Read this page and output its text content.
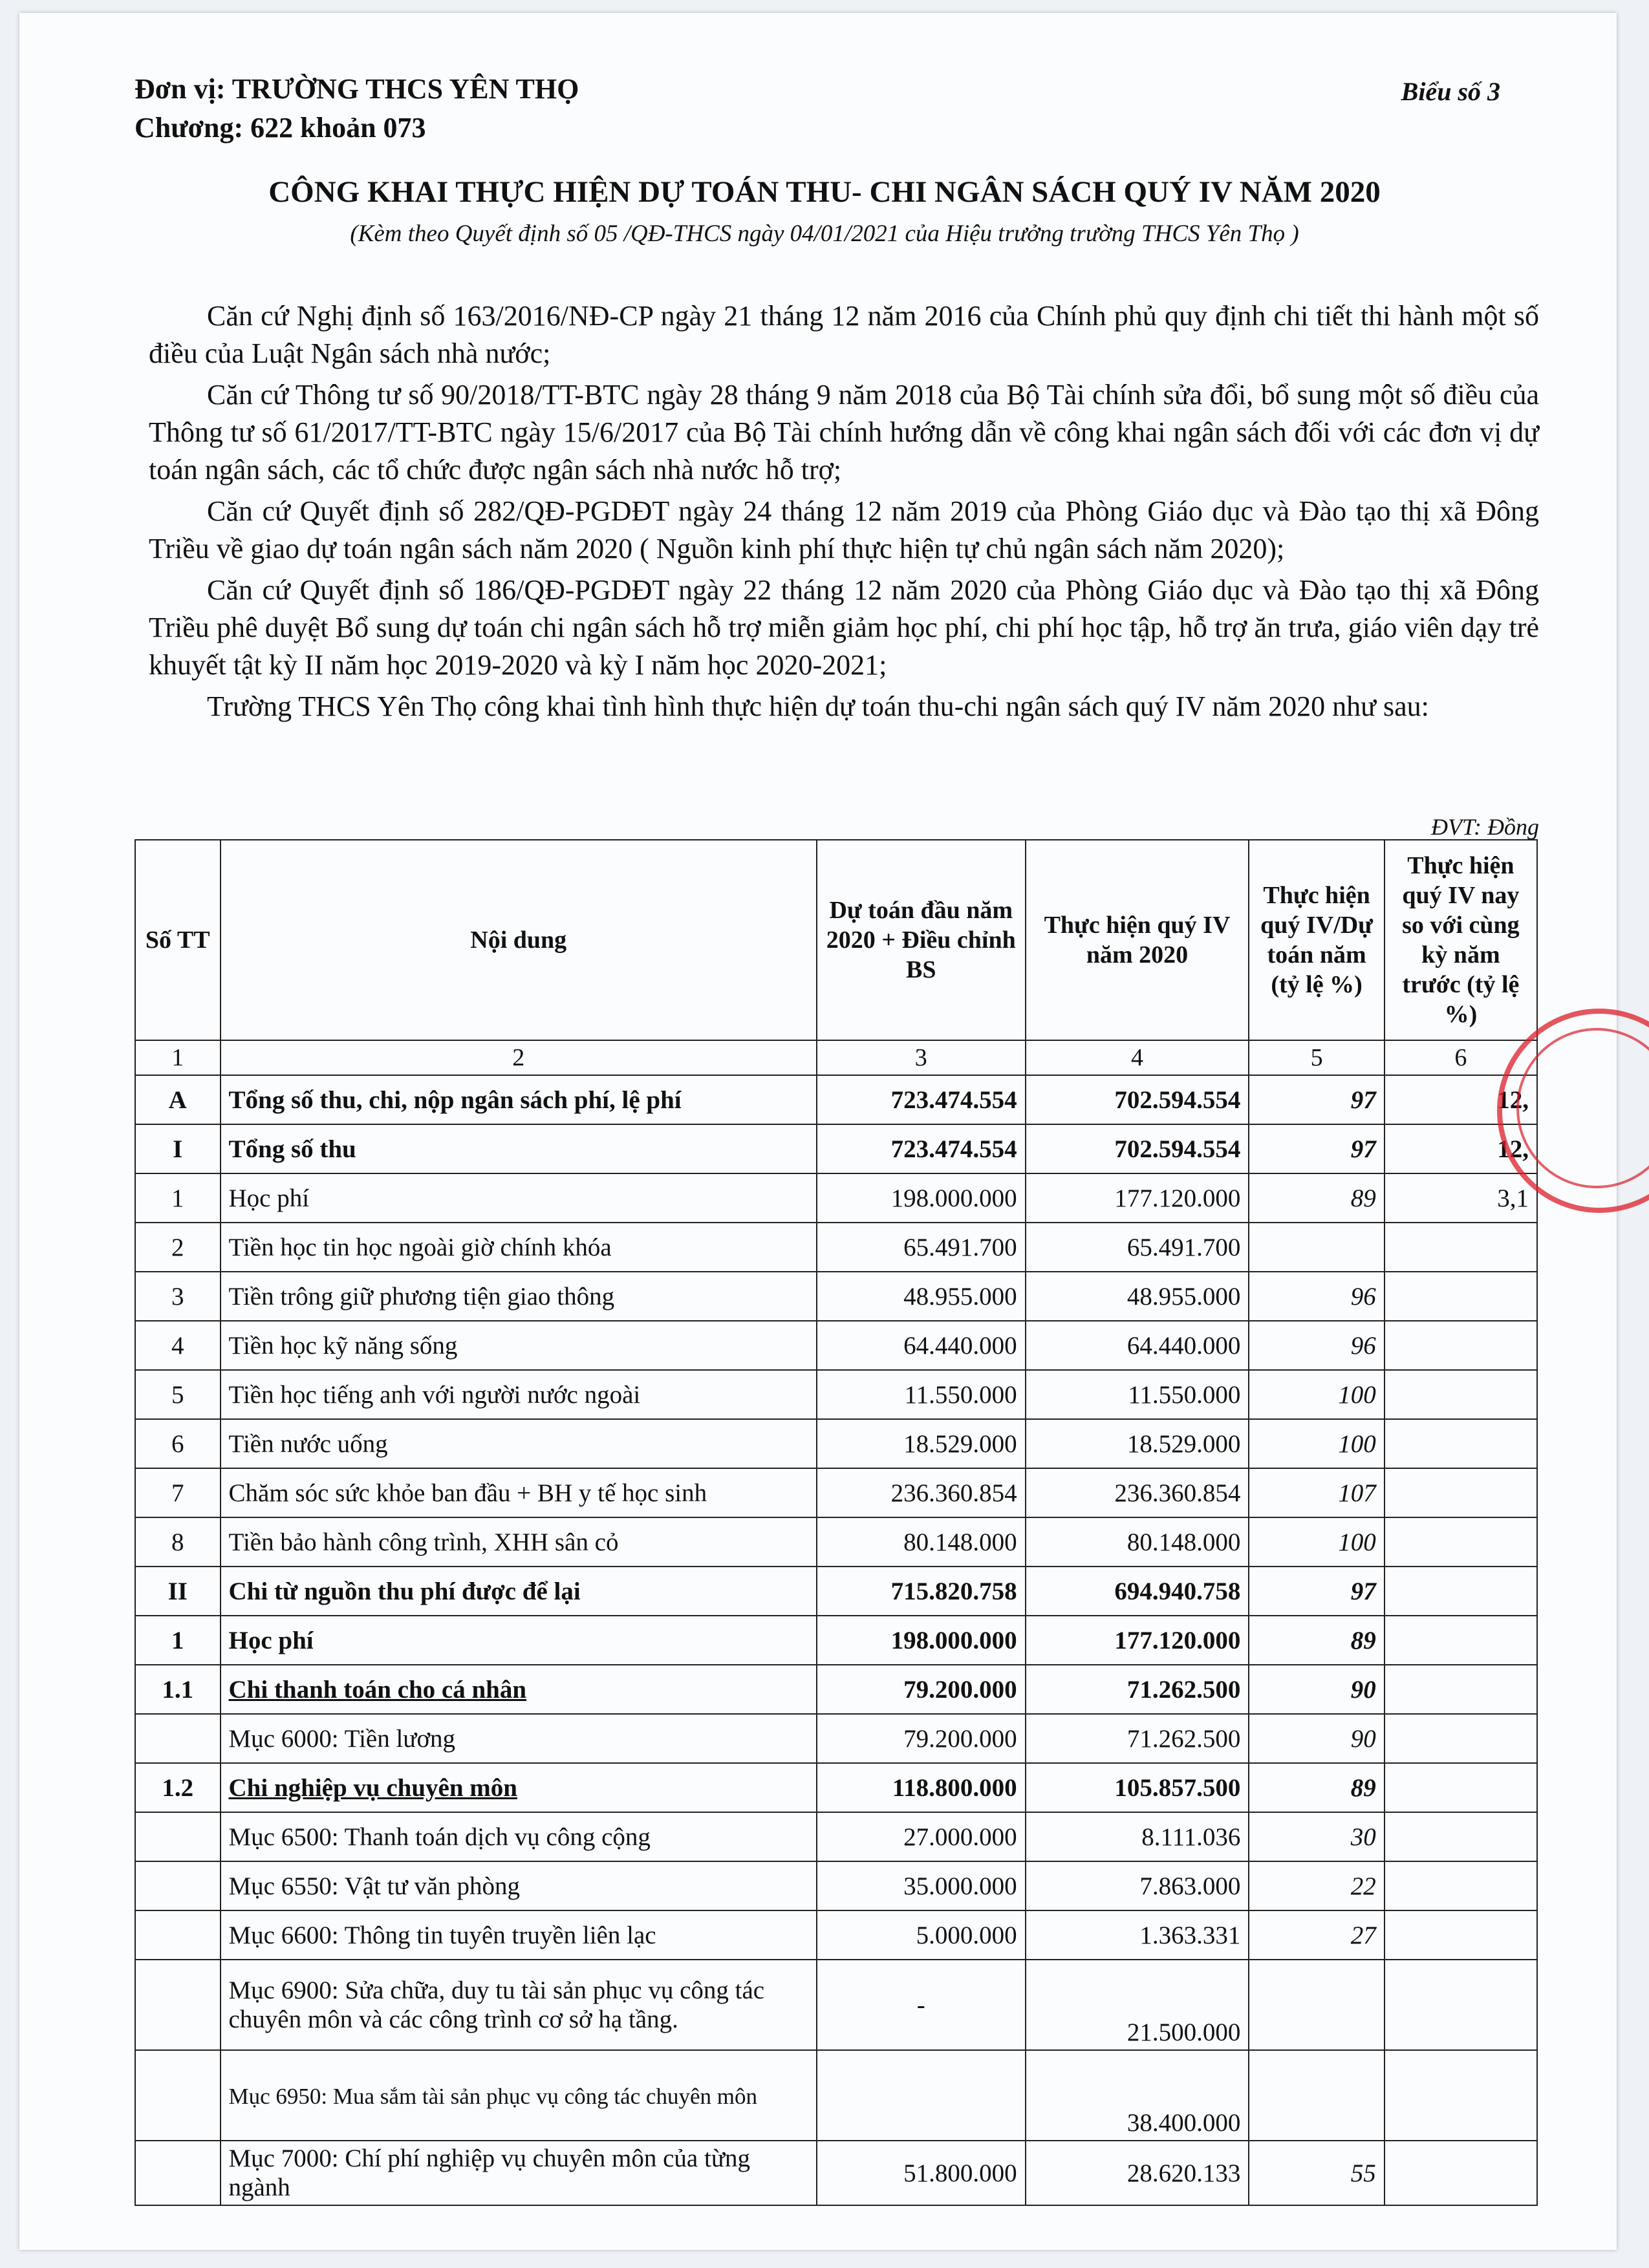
Đơn vị: TRƯỜNG THCS YÊN THỌ
Chương: 622 khoản 073
Biểu số 3
CÔNG KHAI THỰC HIỆN DỰ TOÁN THU- CHI NGÂN SÁCH QUÝ IV NĂM 2020
(Kèm theo Quyết định số 05 /QĐ-THCS ngày 04/01/2021 của Hiệu trưởng trường THCS Yên Thọ )

Căn cứ Nghị định số 163/2016/NĐ-CP ngày 21 tháng 12 năm 2016 của Chính phủ quy định chi tiết thi hành một số điều của Luật Ngân sách nhà nước;

Căn cứ Thông tư số 90/2018/TT-BTC ngày 28 tháng 9 năm 2018 của Bộ Tài chính sửa đổi, bổ sung một số điều của Thông tư số 61/2017/TT-BTC ngày 15/6/2017 của Bộ Tài chính hướng dẫn về công khai ngân sách đối với các đơn vị dự toán ngân sách, các tổ chức được ngân sách nhà nước hỗ trợ;

Căn cứ Quyết định số 282/QĐ-PGDĐT ngày 24 tháng 12 năm 2019 của Phòng Giáo dục và Đào tạo thị xã Đông Triều về giao dự toán ngân sách năm 2020 ( Nguồn kinh phí thực hiện tự chủ ngân sách năm 2020);

Căn cứ Quyết định số 186/QĐ-PGDĐT ngày 22 tháng 12 năm 2020 của Phòng Giáo dục và Đào tạo thị xã Đông Triều phê duyệt Bổ sung dự toán chi ngân sách hỗ trợ miễn giảm học phí, chi phí học tập, hỗ trợ ăn trưa, giáo viên dạy trẻ khuyết tật kỳ II năm học 2019-2020 và kỳ I năm học 2020-2021;

Trường THCS Yên Thọ công khai tình hình thực hiện dự toán thu-chi ngân sách quý IV năm 2020 như sau:

ĐVT: Đồng
Số TT	Nội dung	Dự toán đầu năm 2020 + Điều chỉnh BS	Thực hiện quý IV năm 2020	Thực hiện quý IV/Dự toán năm (tỷ lệ %)	Thực hiện quý IV nay so với cùng kỳ năm trước (tỷ lệ %)
1	2	3	4	5	6
A	Tổng số thu, chi, nộp ngân sách phí, lệ phí	723.474.554	702.594.554	97	12,
I	Tổng số thu	723.474.554	702.594.554	97	12,
1	Học phí	198.000.000	177.120.000	89	3,1
2	Tiền học tin học ngoài giờ chính khóa	65.491.700	65.491.700		
3	Tiền trông giữ phương tiện giao thông	48.955.000	48.955.000	96	
4	Tiền học kỹ năng sống	64.440.000	64.440.000	96	
5	Tiền học tiếng anh với người nước ngoài	11.550.000	11.550.000	100	
6	Tiền nước uống	18.529.000	18.529.000	100	
7	Chăm sóc sức khỏe ban đầu + BH y tế học sinh	236.360.854	236.360.854	107	
8	Tiền bảo hành công trình, XHH sân cỏ	80.148.000	80.148.000	100	
II	Chi từ nguồn thu phí được để lại	715.820.758	694.940.758	97	
1	Học phí	198.000.000	177.120.000	89	
1.1	Chi thanh toán cho cá nhân	79.200.000	71.262.500	90	
	Mục 6000: Tiền lương	79.200.000	71.262.500	90	
1.2	Chi nghiệp vụ chuyên môn	118.800.000	105.857.500	89	
	Mục 6500: Thanh toán dịch vụ công cộng	27.000.000	8.111.036	30	
	Mục 6550: Vật tư văn phòng	35.000.000	7.863.000	22	
	Mục 6600: Thông tin tuyên truyền liên lạc	5.000.000	1.363.331	27	
	Mục 6900: Sửa chữa, duy tu tài sản phục vụ công tác chuyên môn và các công trình cơ sở hạ tầng.	-	21.500.000		
	Mục 6950: Mua sắm tài sản phục vụ công tác chuyên môn		38.400.000		
	Mục 7000: Chí phí nghiệp vụ chuyên môn của từng ngành	51.800.000	28.620.133	55	
